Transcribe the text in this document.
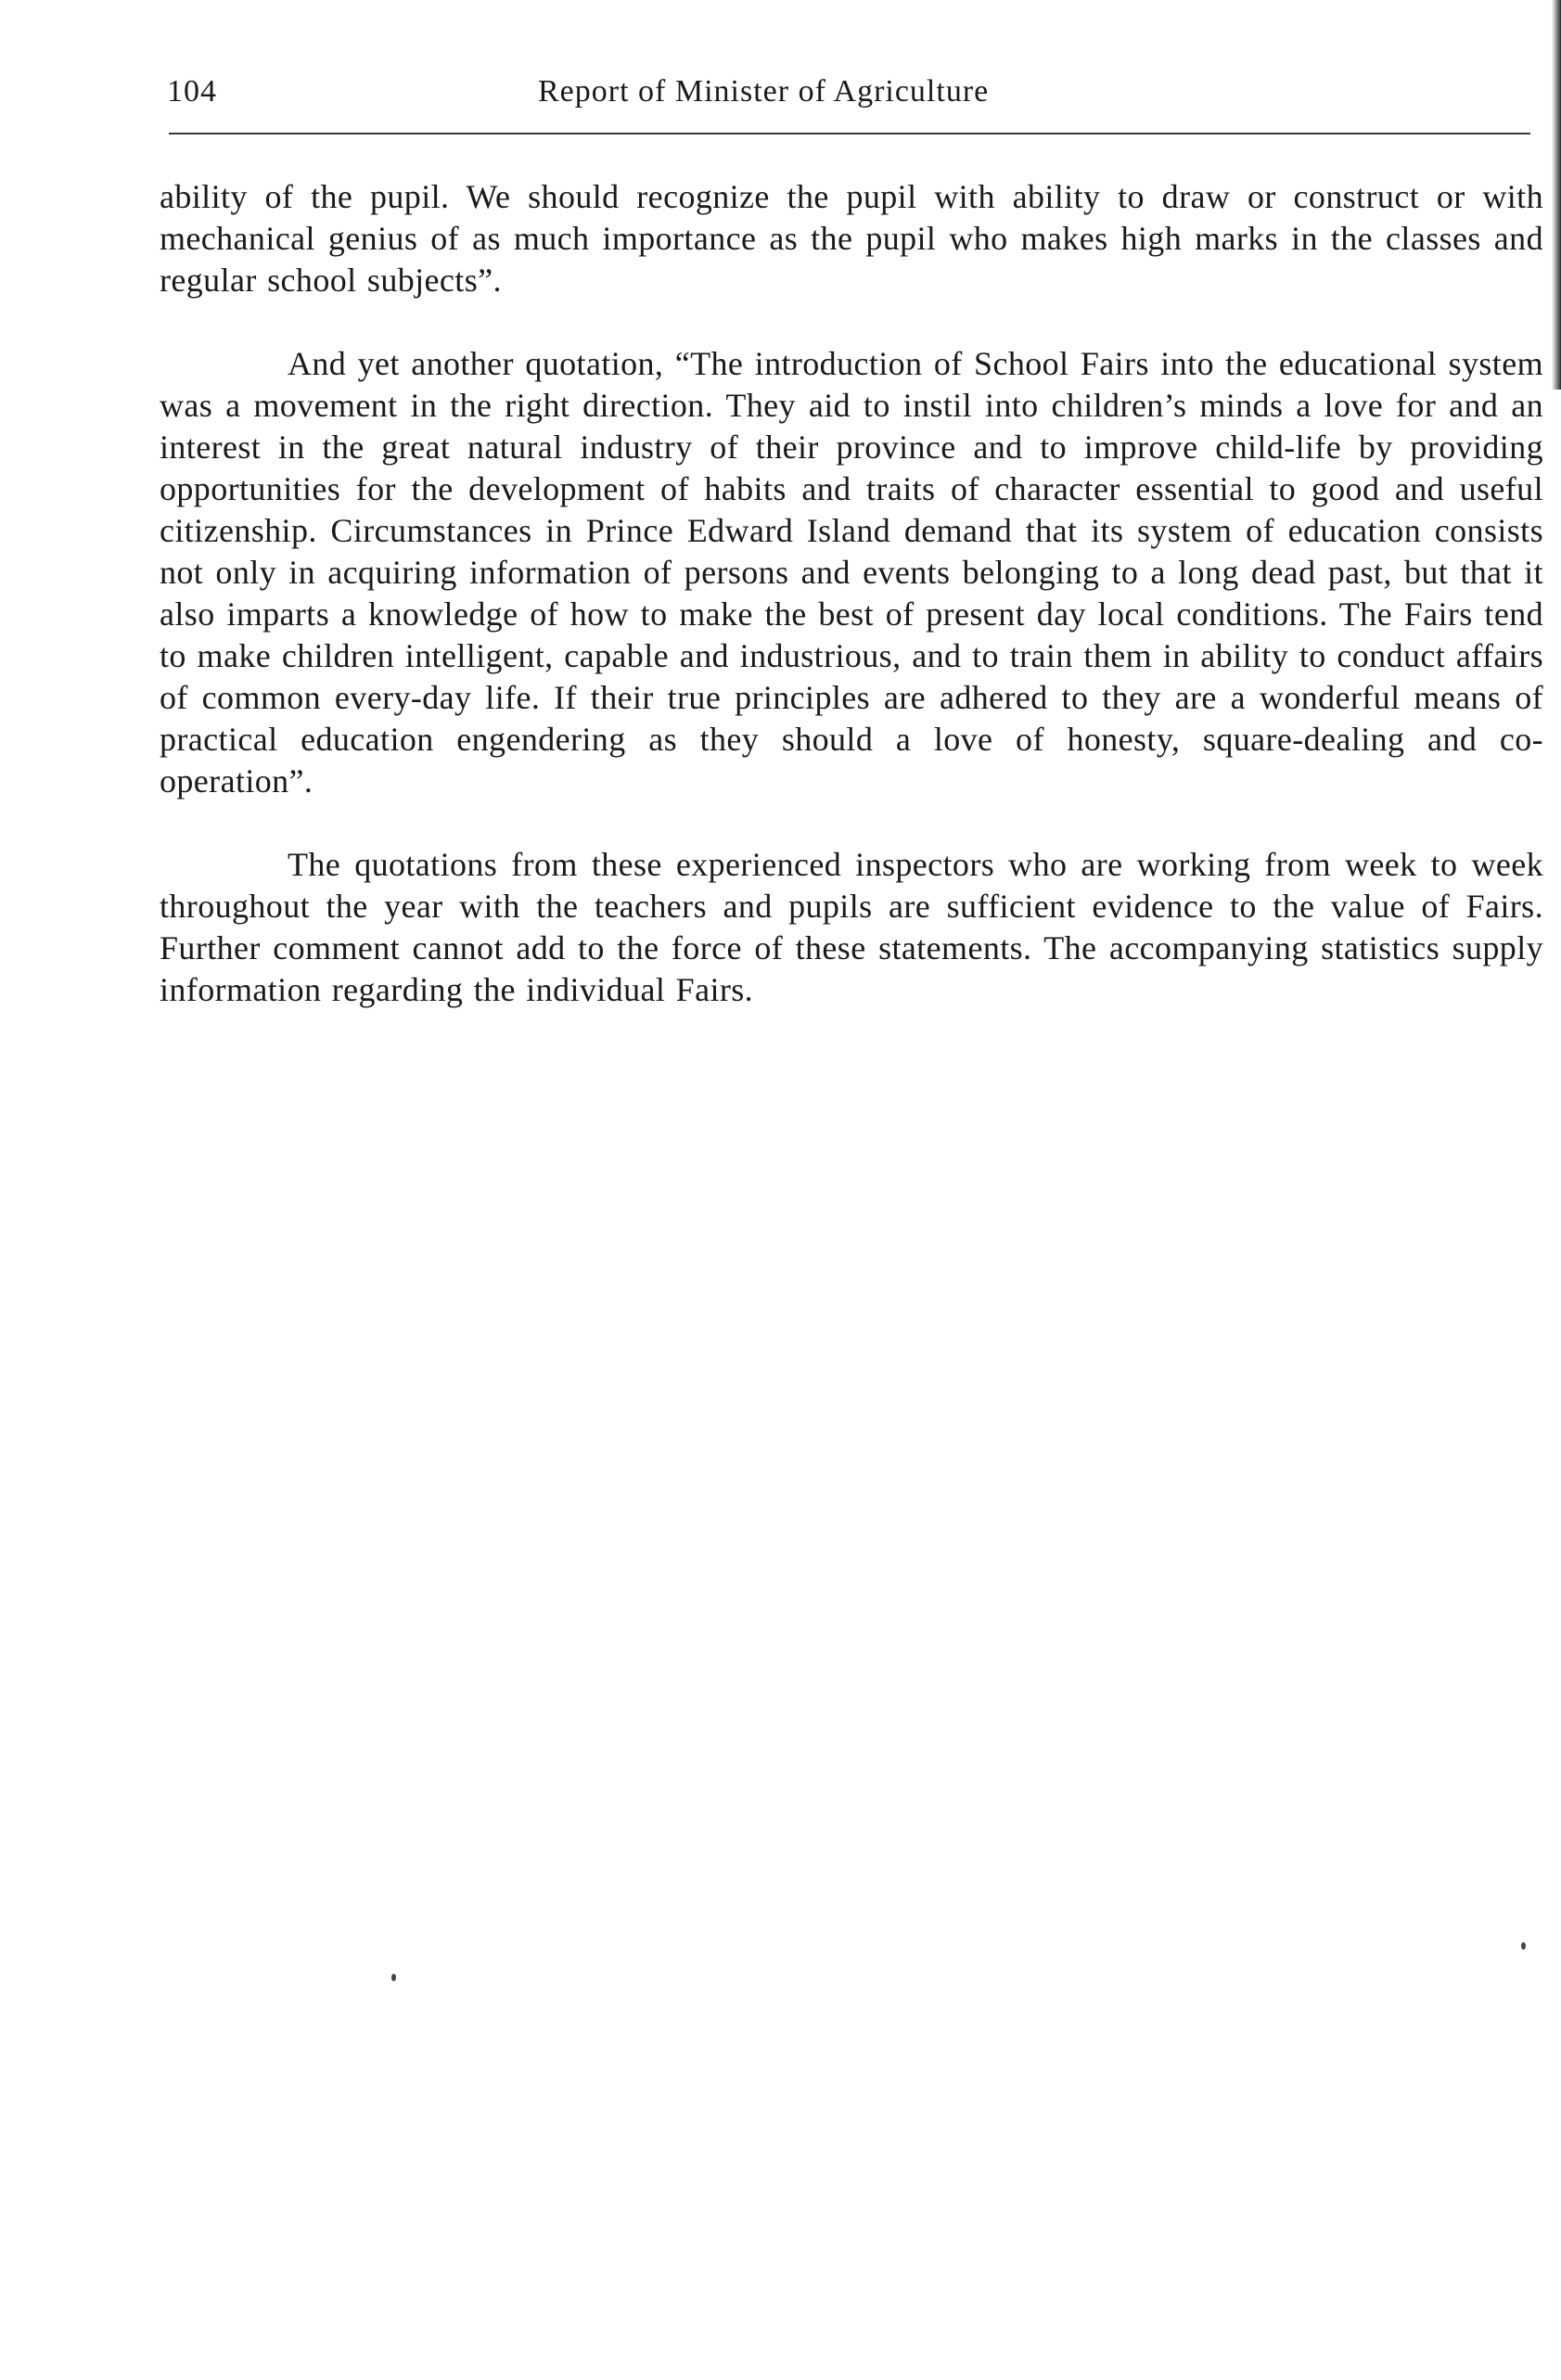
104	Report of Minister of Agriculture

ability of the pupil. We should recognize the pupil with ability to draw or construct or with mechanical genius of as much importance as the pupil who makes high marks in the classes and regular school subjects”.

And yet another quotation, “The introduction of School Fairs into the educational system was a movement in the right direction. They aid to instil into children’s minds a love for and an interest in the great natural industry of their province and to improve child-life by providing opportunities for the development of habits and traits of character essential to good and useful citizenship. Circumstances in Prince Edward Island demand that its system of education consists not only in acquiring information of persons and events belonging to a long dead past, but that it also imparts a knowledge of how to make the best of present day local conditions. The Fairs tend to make children intelligent, capable and industrious, and to train them in ability to conduct affairs of common every-day life. If their true principles are adhered to they are a wonderful means of practical education engendering as they should a love of honesty, square-dealing and co-operation”.

The quotations from these experienced inspectors who are working from week to week throughout the year with the teachers and pupils are sufficient evidence to the value of Fairs. Further comment cannot add to the force of these statements. The accompanying statistics supply information regarding the individual Fairs.
